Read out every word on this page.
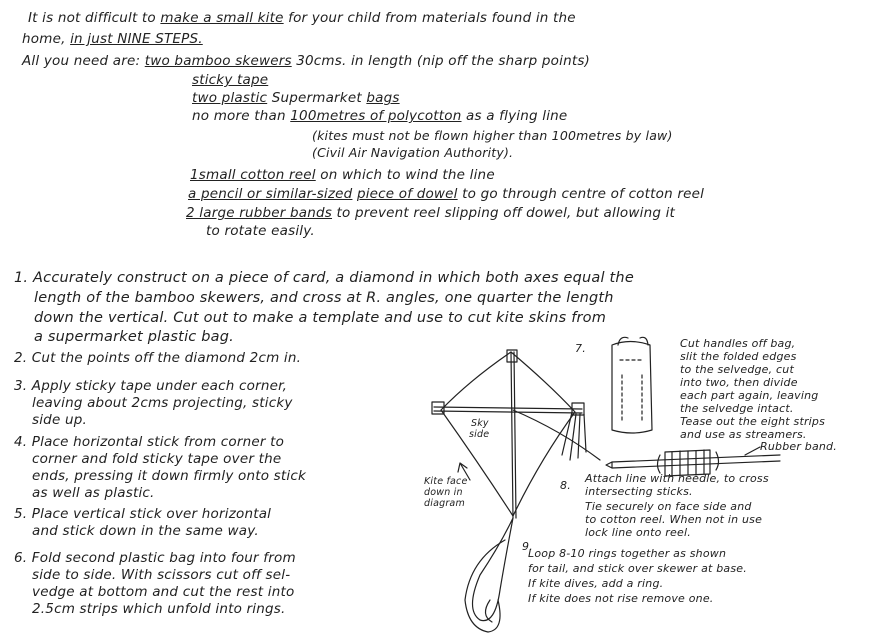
It is not difficult to make a small kite for your child from materials found in the
home, in just NINE STEPS.
All you need are: two bamboo skewers 30cms. in length (nip off the sharp points)
sticky tape
two plastic Supermarket bags
no more than 100metres of polycotton as a flying line
(kites must not be flown higher than 100metres by law)
(Civil Air Navigation Authority).
1small cotton reel on which to wind the line
a pencil or similar-sized piece of dowel to go through centre of cotton reel
2 large rubber bands to prevent reel slipping off dowel, but allowing it
to rotate easily.
1. Accurately construct on a piece of card, a diamond in which both axes equal the
length of the bamboo skewers, and cross at R. angles, one quarter the length
down the vertical. Cut out to make a template and use to cut kite skins from
a supermarket plastic bag.
2. Cut the points off the diamond 2cm in.
3. Apply sticky tape under each corner,
leaving about 2cms projecting, sticky
side up.
4. Place horizontal stick from corner to
corner and fold sticky tape over the
ends, pressing it down firmly onto stick
as well as plastic.
5. Place vertical stick over horizontal
and stick down in the same way.
6. Fold second plastic bag into four from
side to side. With scissors cut off sel-
vedge at bottom and cut the rest into
2.5cm strips which unfold into rings.
7.	Cut handles off bag,
slit the folded edges
to the selvedge, cut
into two, then divide
each part again, leaving
the selvedge intact.
Tease out the eight strips
and use as streamers.
Rubber band.
8.
Attach line with needle, to cross
intersecting sticks.
Tie securely on face side and
to cotton reel. When not in use
lock line onto reel.
9.
Loop 8-10 rings together as shown
for tail, and stick over skewer at base.
If kite dives, add a ring.
If kite does not rise remove one.
Sky
side
Kite face
down in
diagram
